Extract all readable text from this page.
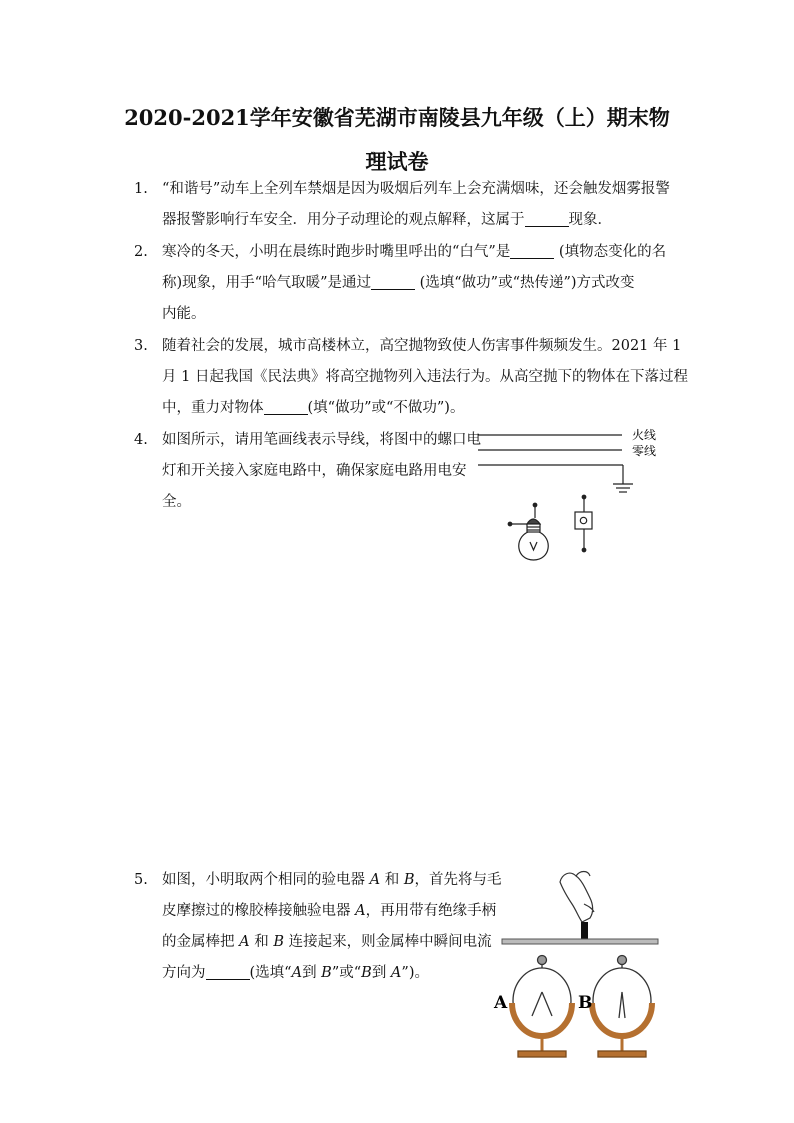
2020-2021学年安徽省芜湖市南陵县九年级（上）期末物
理试卷
1. “和谐号”动车上全列车禁烟是因为吸烟后列车上会充满烟味，还会触发烟雾报警
器报警影响行车安全．用分子动理论的观点解释，这属于	现象．
2. 寒冷的冬天，小明在晨练时跑步时嘴里呼出的“白气”是	(填物态变化的名
称)现象，用手“哈气取暖”是通过	(选填“做功”或“热传递”)方式改变
内能。
3. 随着社会的发展，城市高楼林立，高空抛物致使人伤害事件频频发生。2021 年 1
月 1 日起我国《民法典》将高空抛物列入违法行为。从高空抛下的物体在下落过程
中，重力对物体	(填“做功”或“不做功”)。
4. 如图所示，请用笔画线表示导线，将图中的螺口电
灯和开关接入家庭电路中，确保家庭电路用电安
全。
火线
零线
5. 如图，小明取两个相同的验电器 A 和 B，首先将与毛
皮摩擦过的橡胶棒接触验电器 A，再用带有绝缘手柄
的金属棒把 A 和 B 连接起来，则金属棒中瞬间电流
方向为	(选填“A到 B”或“B到 A”)。
A	B
